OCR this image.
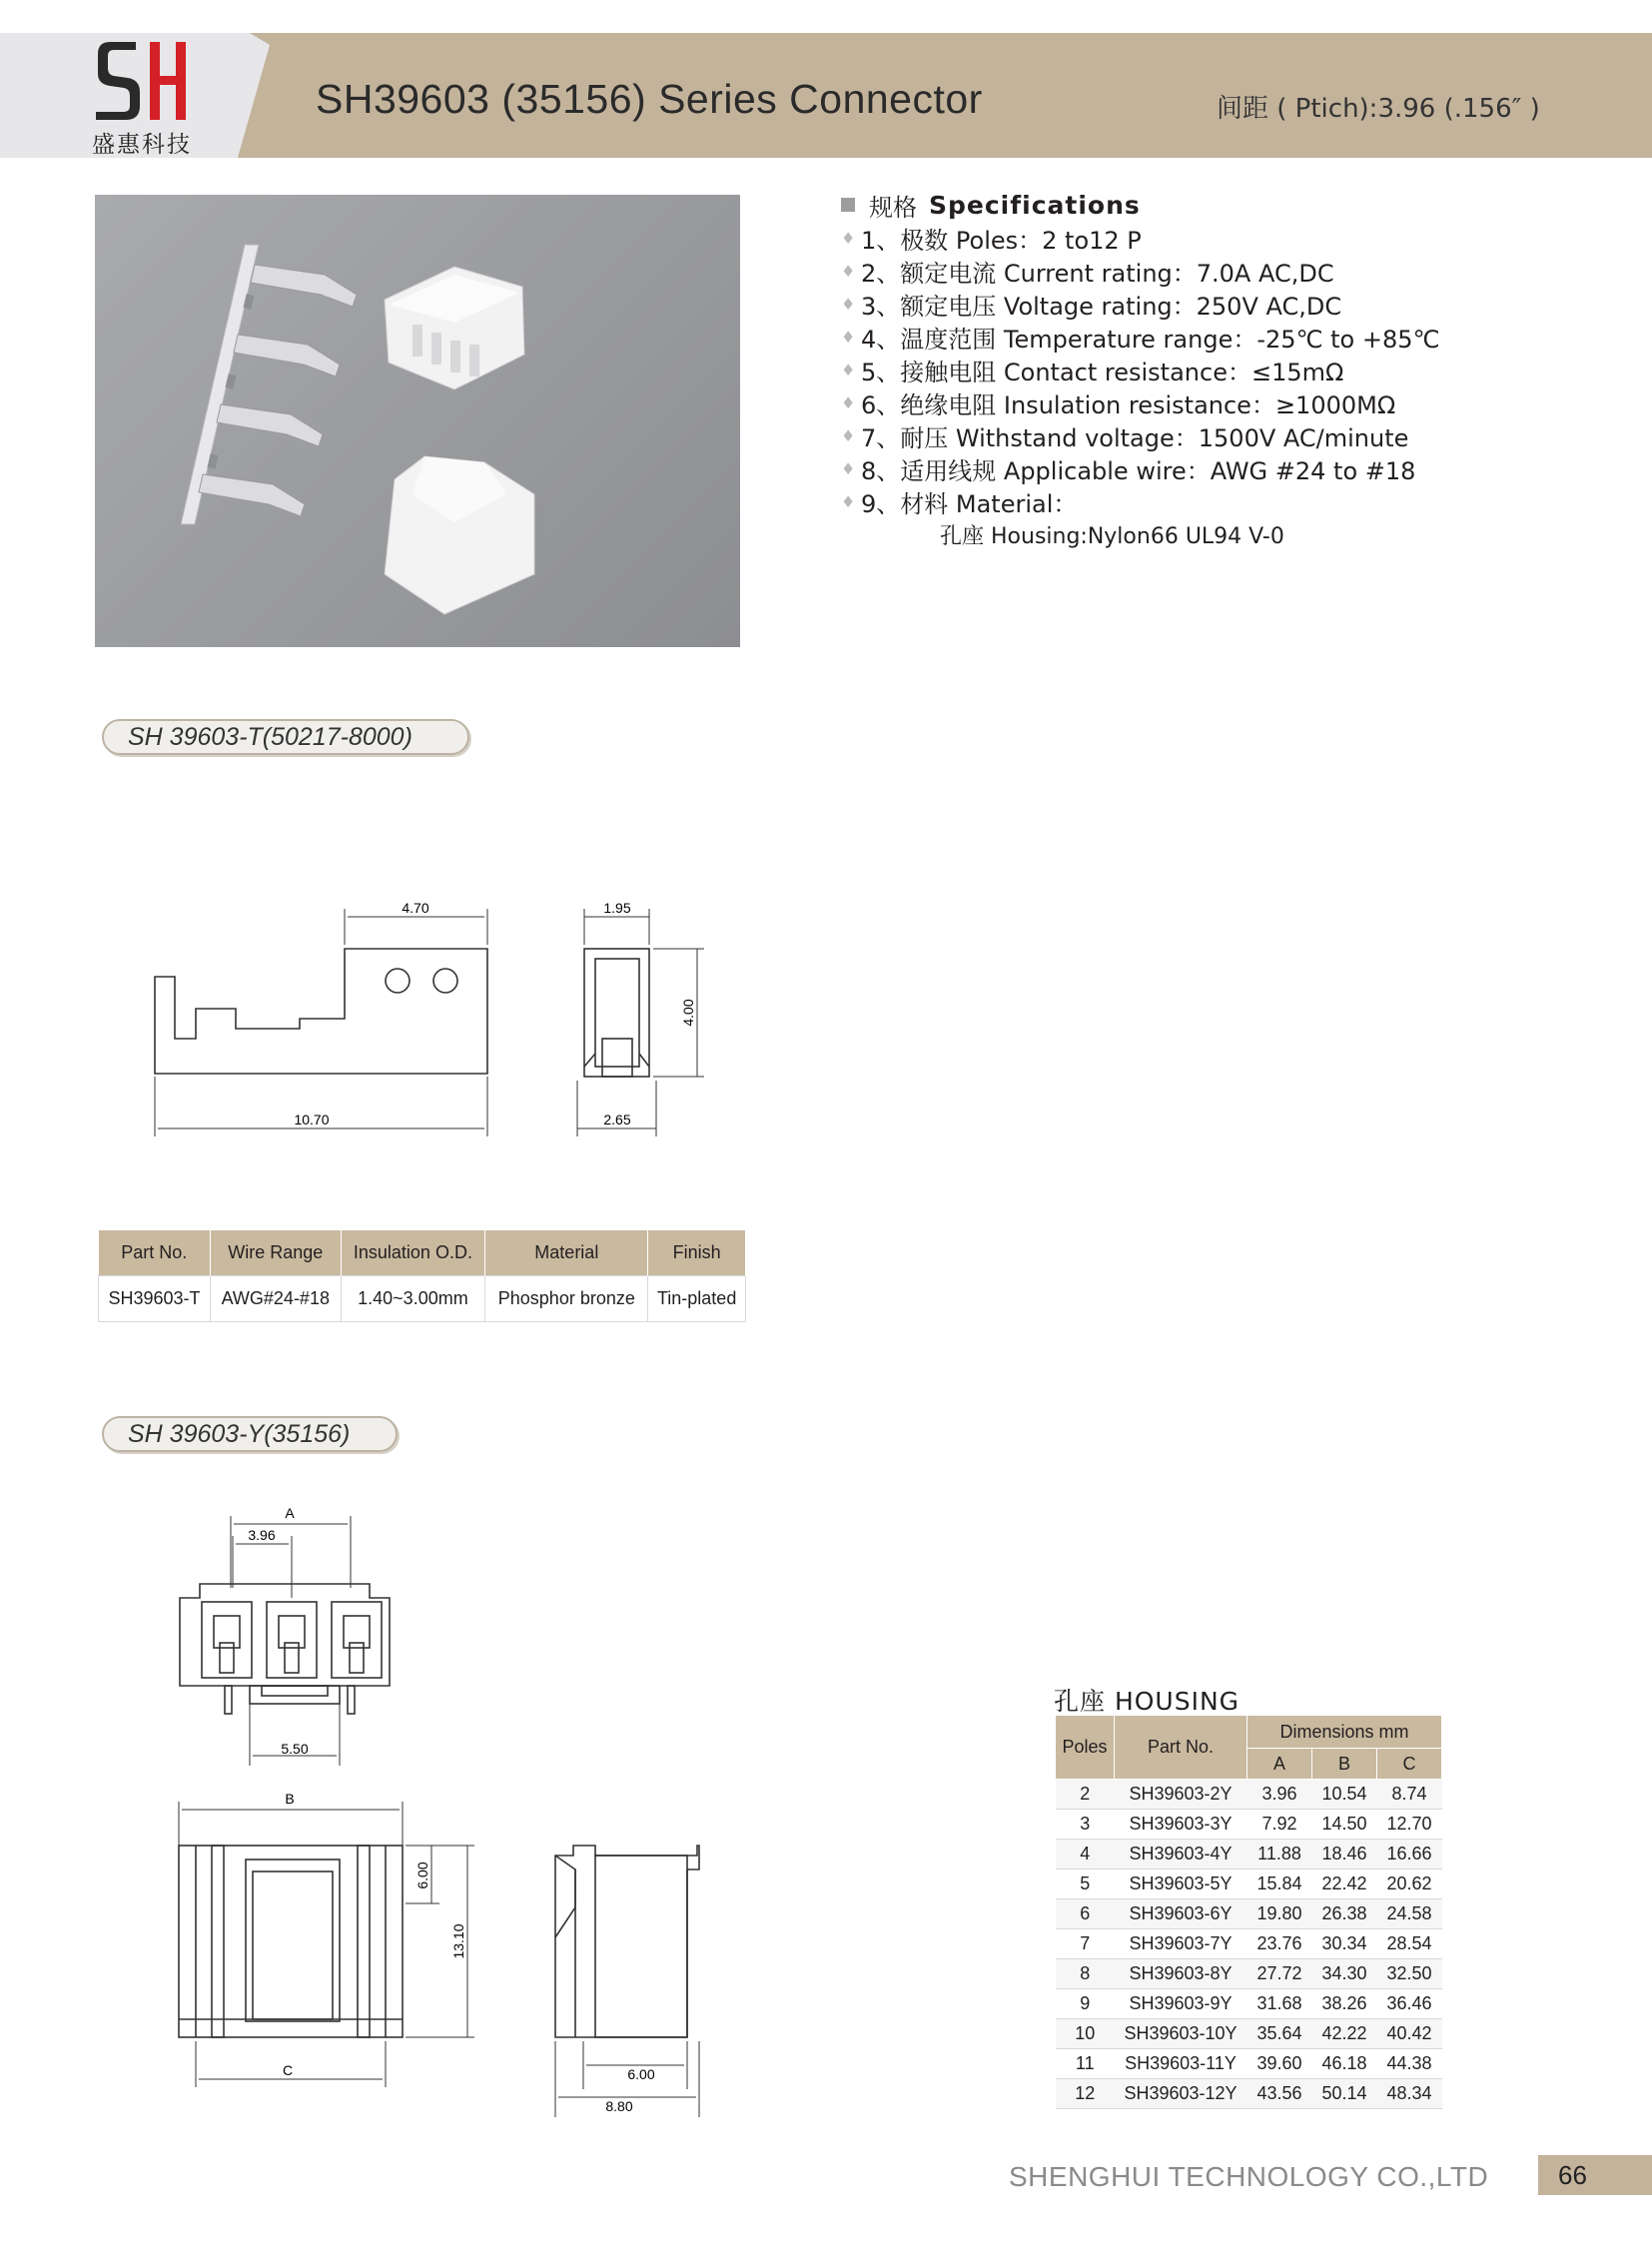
盛惠科技
SH39603 (35156) Series Connector	间距 ( Ptich):3.96 (.156″ )
规格 Specifications
♦ 1、极数 Poles：2 to12 P
♦ 2、额定电流 Current rating：7.0A AC,DC
♦ 3、额定电压 Voltage rating：250V AC,DC
♦ 4、温度范围 Temperature range：-25℃ to +85℃
♦ 5、接触电阻 Contact resistance：≤15mΩ
♦ 6、绝缘电阻 Insulation resistance：≥1000MΩ
♦ 7、耐压 Withstand voltage：1500V AC/minute
♦ 8、适用线规 Applicable wire：AWG #24 to #18
♦ 9、材料 Material：
孔座 Housing:Nylon66 UL94 V-0
SH 39603-T(50217-8000)
4.70
10.70
1.95
4.00
2.65
Part No.	Wire Range	Insulation O.D.	Material	Finish
SH39603-T	AWG#24-#18	1.40~3.00mm	Phosphor bronze	Tin-plated
SH 39603-Y(35156)
A
3.96
5.50
B
6.00
13.10
C	6.00
8.80
孔座 HOUSING
Poles	Part No.	Dimensions mm		
		A	B	C
2	SH39603-2Y	3.96	10.54	8.74
3	SH39603-3Y	7.92	14.50	12.70
4	SH39603-4Y	11.88	18.46	16.66
5	SH39603-5Y	15.84	22.42	20.62
6	SH39603-6Y	19.80	26.38	24.58
7	SH39603-7Y	23.76	30.34	28.54
8	SH39603-8Y	27.72	34.30	32.50
9	SH39603-9Y	31.68	38.26	36.46
10	SH39603-10Y	35.64	42.22	40.42
11	SH39603-11Y	39.60	46.18	44.38
12	SH39603-12Y	43.56	50.14	48.34
SHENGHUI TECHNOLOGY CO.,LTD	66
